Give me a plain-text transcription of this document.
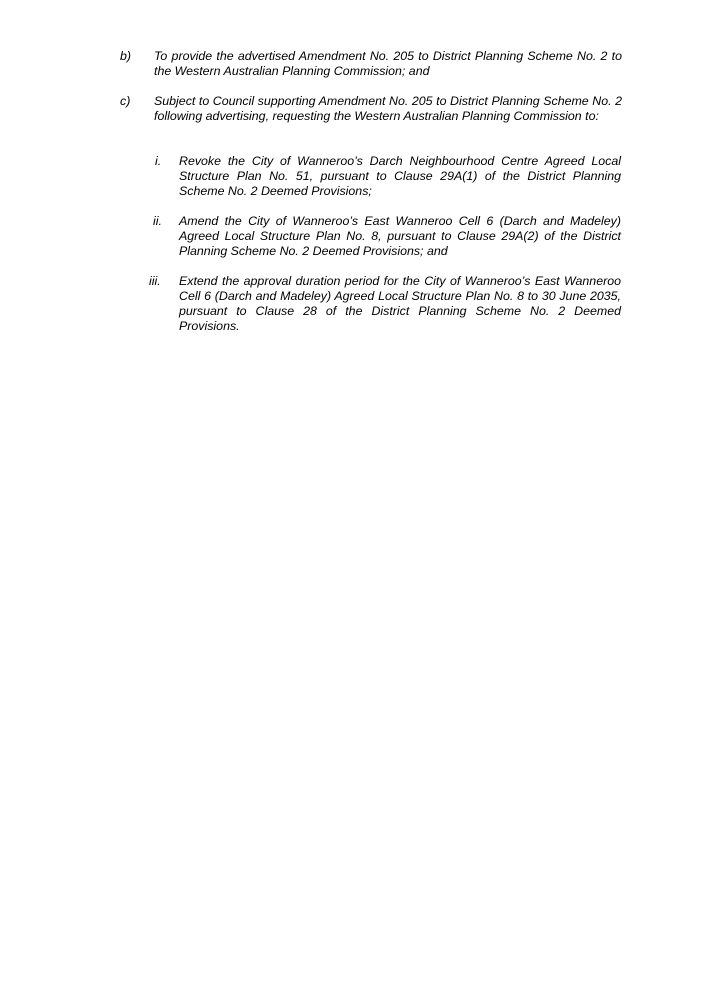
b) To provide the advertised Amendment No. 205 to District Planning Scheme No. 2 to the Western Australian Planning Commission; and
c) Subject to Council supporting Amendment No. 205 to District Planning Scheme No. 2 following advertising, requesting the Western Australian Planning Commission to:
i. Revoke the City of Wanneroo’s Darch Neighbourhood Centre Agreed Local Structure Plan No. 51, pursuant to Clause 29A(1) of the District Planning Scheme No. 2 Deemed Provisions;
ii. Amend the City of Wanneroo’s East Wanneroo Cell 6 (Darch and Madeley) Agreed Local Structure Plan No. 8, pursuant to Clause 29A(2) of the District Planning Scheme No. 2 Deemed Provisions; and
iii. Extend the approval duration period for the City of Wanneroo’s East Wanneroo Cell 6 (Darch and Madeley) Agreed Local Structure Plan No. 8 to 30 June 2035, pursuant to Clause 28 of the District Planning Scheme No. 2 Deemed Provisions.
